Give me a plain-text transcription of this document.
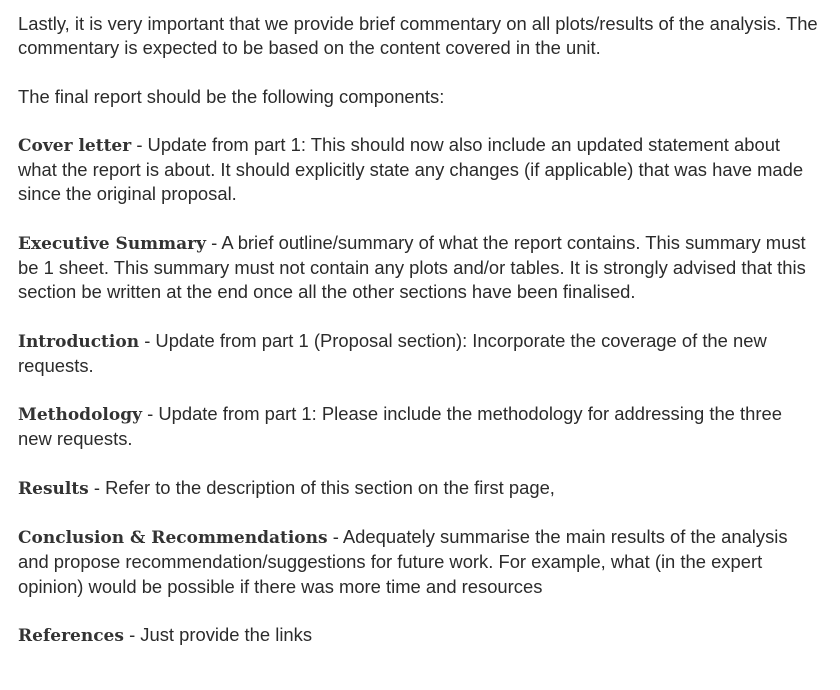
Lastly, it is very important that we provide brief commentary on all plots/results of the analysis. The commentary is expected to be based on the content covered in the unit.

The final report should be the following components:

Cover letter - Update from part 1: This should now also include an updated statement about what the report is about. It should explicitly state any changes (if applicable) that was have made since the original proposal.

Executive Summary - A brief outline/summary of what the report contains. This summary must be 1 sheet. This summary must not contain any plots and/or tables. It is strongly advised that this section be written at the end once all the other sections have been finalised.

Introduction - Update from part 1 (Proposal section): Incorporate the coverage of the new requests.

Methodology - Update from part 1: Please include the methodology for addressing the three new requests.

Results - Refer to the description of this section on the first page,

Conclusion & Recommendations - Adequately summarise the main results of the analysis and propose recommendation/suggestions for future work. For example, what (in the expert opinion) would be possible if there was more time and resources

References - Just provide the links
